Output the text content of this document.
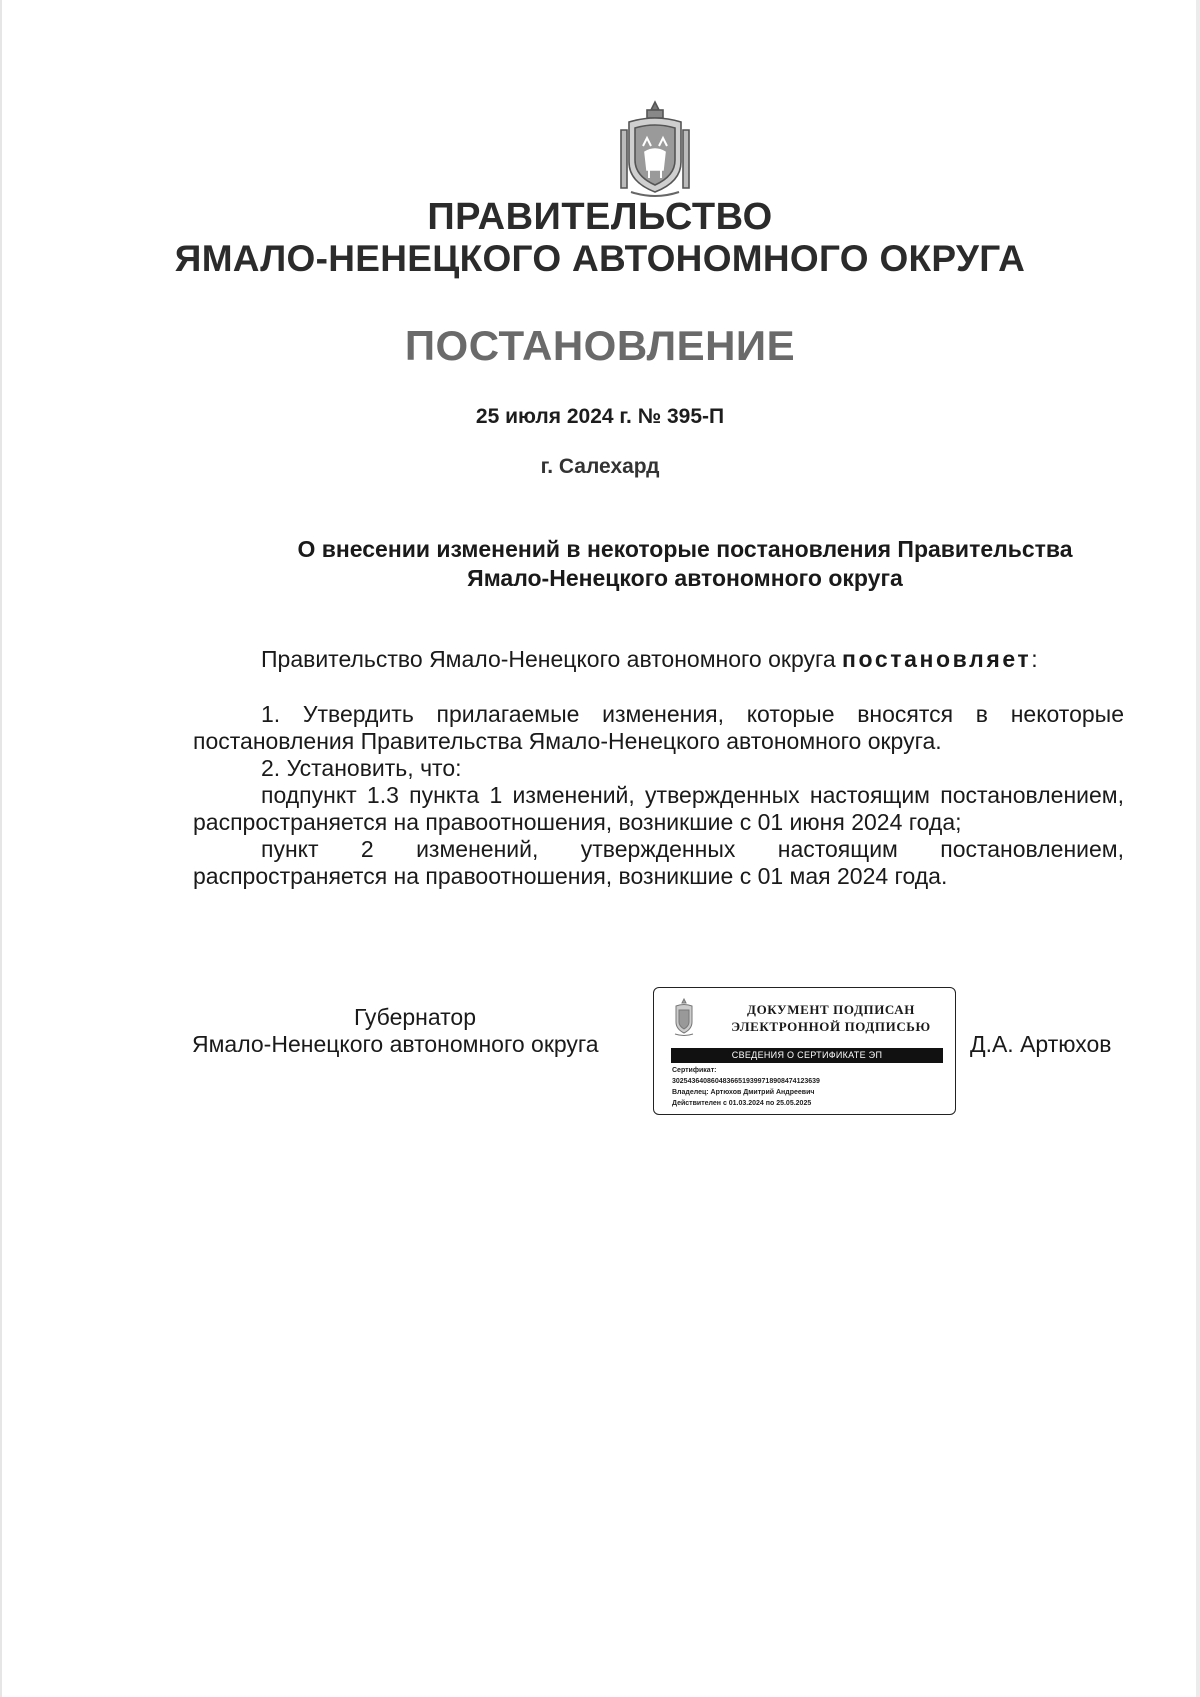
ПРАВИТЕЛЬСТВО
ЯМАЛО-НЕНЕЦКОГО АВТОНОМНОГО ОКРУГА
ПОСТАНОВЛЕНИЕ
25 июля 2024 г. № 395-П
г. Салехард
О внесении изменений в некоторые постановления Правительства
Ямало-Ненецкого автономного округа

Правительство Ямало-Ненецкого автономного округа постановляет:

1. Утвердить прилагаемые изменения, которые вносятся в некоторые постановления Правительства Ямало-Ненецкого автономного округа.

2. Установить, что:

подпункт 1.3 пункта 1 изменений, утвержденных настоящим постановлением, распространяется на правоотношения, возникшие с 01 июня 2024 года;

пункт 2 изменений, утвержденных настоящим постановлением, распространяется на правоотношения, возникшие с 01 мая 2024 года.

Губернатор
Ямало-Ненецкого автономного округа
ДОКУМЕНТ ПОДПИСАН
ЭЛЕКТРОННОЙ ПОДПИСЬЮ
СВЕДЕНИЯ О СЕРТИФИКАТЕ ЭП
Сертификат:
30254364086048366519399718908474123639
Владелец: Артюхов Дмитрий Андреевич
Действителен с 01.03.2024 по 25.05.2025
Д.А. Артюхов
